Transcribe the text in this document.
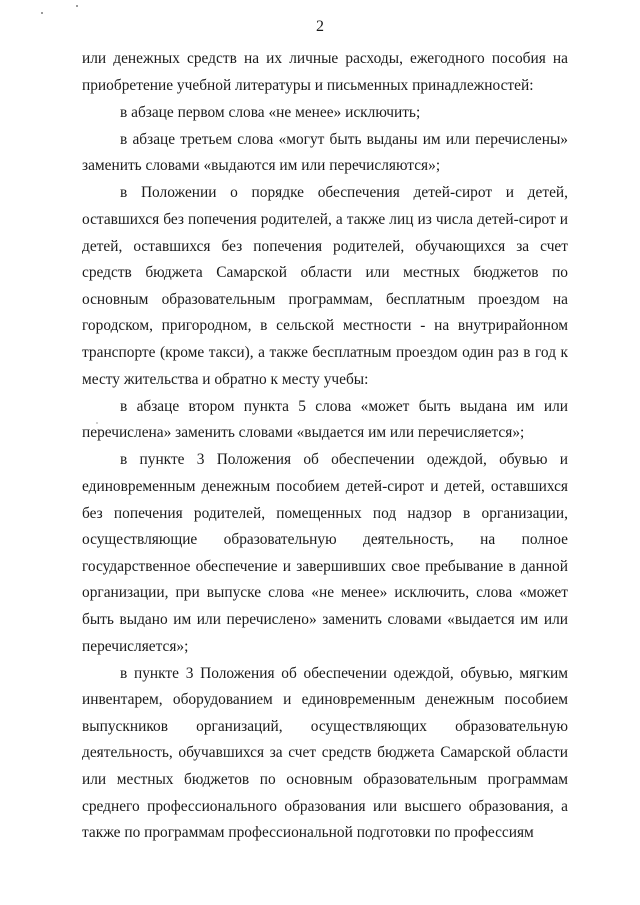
2

или денежных средств на их личные расходы, ежегодного пособия на приобретение учебной литературы и письменных принадлежностей:

в абзаце первом слова «не менее» исключить;

в абзаце третьем слова «могут быть выданы им или перечислены» заменить словами «выдаются им или перечисляются»;

в Положении о порядке обеспечения детей-сирот и детей, оставшихся без попечения родителей, а также лиц из числа детей-сирот и детей, оставшихся без попечения родителей, обучающихся за счет средств бюджета Самарской области или местных бюджетов по основным образовательным программам, бесплатным проездом на городском, пригородном, в сельской местности - на внутрирайонном транспорте (кроме такси), а также бесплатным проездом один раз в год к месту жительства и обратно к месту учебы:

в абзаце втором пункта 5 слова «может быть выдана им или перечислена» заменить словами «выдается им или перечисляется»;

в пункте 3 Положения об обеспечении одеждой, обувью и единовременным денежным пособием детей-сирот и детей, оставшихся без попечения родителей, помещенных под надзор в организации, осуществляющие образовательную деятельность, на полное государственное обеспечение и завершивших свое пребывание в данной организации, при выпуске слова «не менее» исключить, слова «может быть выдано им или перечислено» заменить словами «выдается им или перечисляется»;

в пункте 3 Положения об обеспечении одеждой, обувью, мягким инвентарем, оборудованием и единовременным денежным пособием выпускников организаций, осуществляющих образовательную деятельность, обучавшихся за счет средств бюджета Самарской области или местных бюджетов по основным образовательным программам среднего профессионального образования или высшего образования, а также по программам профессиональной подготовки по профессиям
